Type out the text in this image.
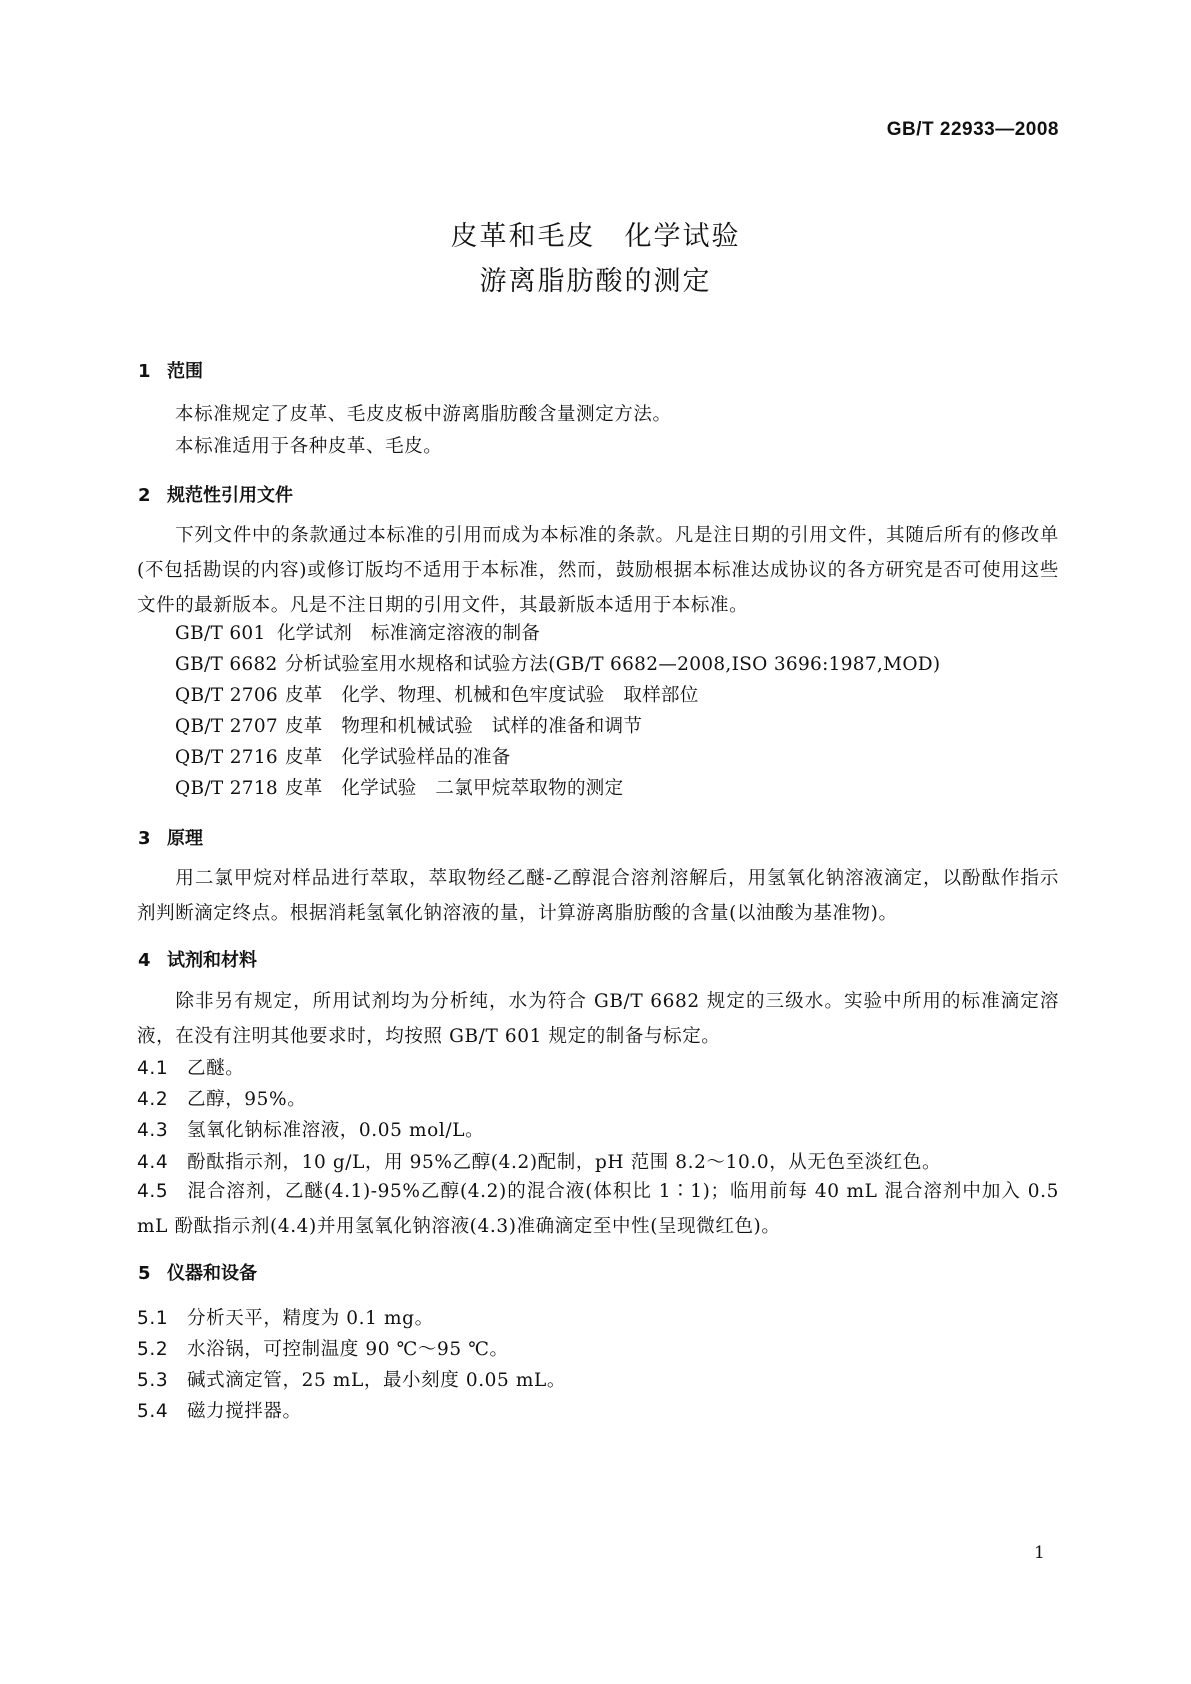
GB/T 22933—2008
皮革和毛皮　化学试验
游离脂肪酸的测定
1 范围
本标准规定了皮革、毛皮皮板中游离脂肪酸含量测定方法。
本标准适用于各种皮革、毛皮。
2 规范性引用文件
下列文件中的条款通过本标准的引用而成为本标准的条款。凡是注日期的引用文件，其随后所有的修改单(不包括勘误的内容)或修订版均不适用于本标准，然而，鼓励根据本标准达成协议的各方研究是否可使用这些文件的最新版本。凡是不注日期的引用文件，其最新版本适用于本标准。
GB/T 601 化学试剂　标准滴定溶液的制备
GB/T 6682 分析试验室用水规格和试验方法(GB/T 6682—2008,ISO 3696:1987,MOD)
QB/T 2706 皮革　化学、物理、机械和色牢度试验　取样部位
QB/T 2707 皮革　物理和机械试验　试样的准备和调节
QB/T 2716 皮革　化学试验样品的准备
QB/T 2718 皮革　化学试验　二氯甲烷萃取物的测定
3 原理
用二氯甲烷对样品进行萃取，萃取物经乙醚-乙醇混合溶剂溶解后，用氢氧化钠溶液滴定，以酚酞作指示剂判断滴定终点。根据消耗氢氧化钠溶液的量，计算游离脂肪酸的含量(以油酸为基准物)。
4 试剂和材料
除非另有规定，所用试剂均为分析纯，水为符合 GB/T 6682 规定的三级水。实验中所用的标准滴定溶液，在没有注明其他要求时，均按照 GB/T 601 规定的制备与标定。
4.1 乙醚。
4.2 乙醇，95%。
4.3 氢氧化钠标准溶液，0.05 mol/L。
4.4 酚酞指示剂，10 g/L，用 95%乙醇(4.2)配制，pH 范围 8.2～10.0，从无色至淡红色。
4.5 混合溶剂，乙醚(4.1)-95%乙醇(4.2)的混合液(体积比 1∶1)；临用前每 40 mL 混合溶剂中加入 0.5 mL 酚酞指示剂(4.4)并用氢氧化钠溶液(4.3)准确滴定至中性(呈现微红色)。
5 仪器和设备
5.1 分析天平，精度为 0.1 mg。
5.2 水浴锅，可控制温度 90 ℃～95 ℃。
5.3 碱式滴定管，25 mL，最小刻度 0.05 mL。
5.4 磁力搅拌器。
1
